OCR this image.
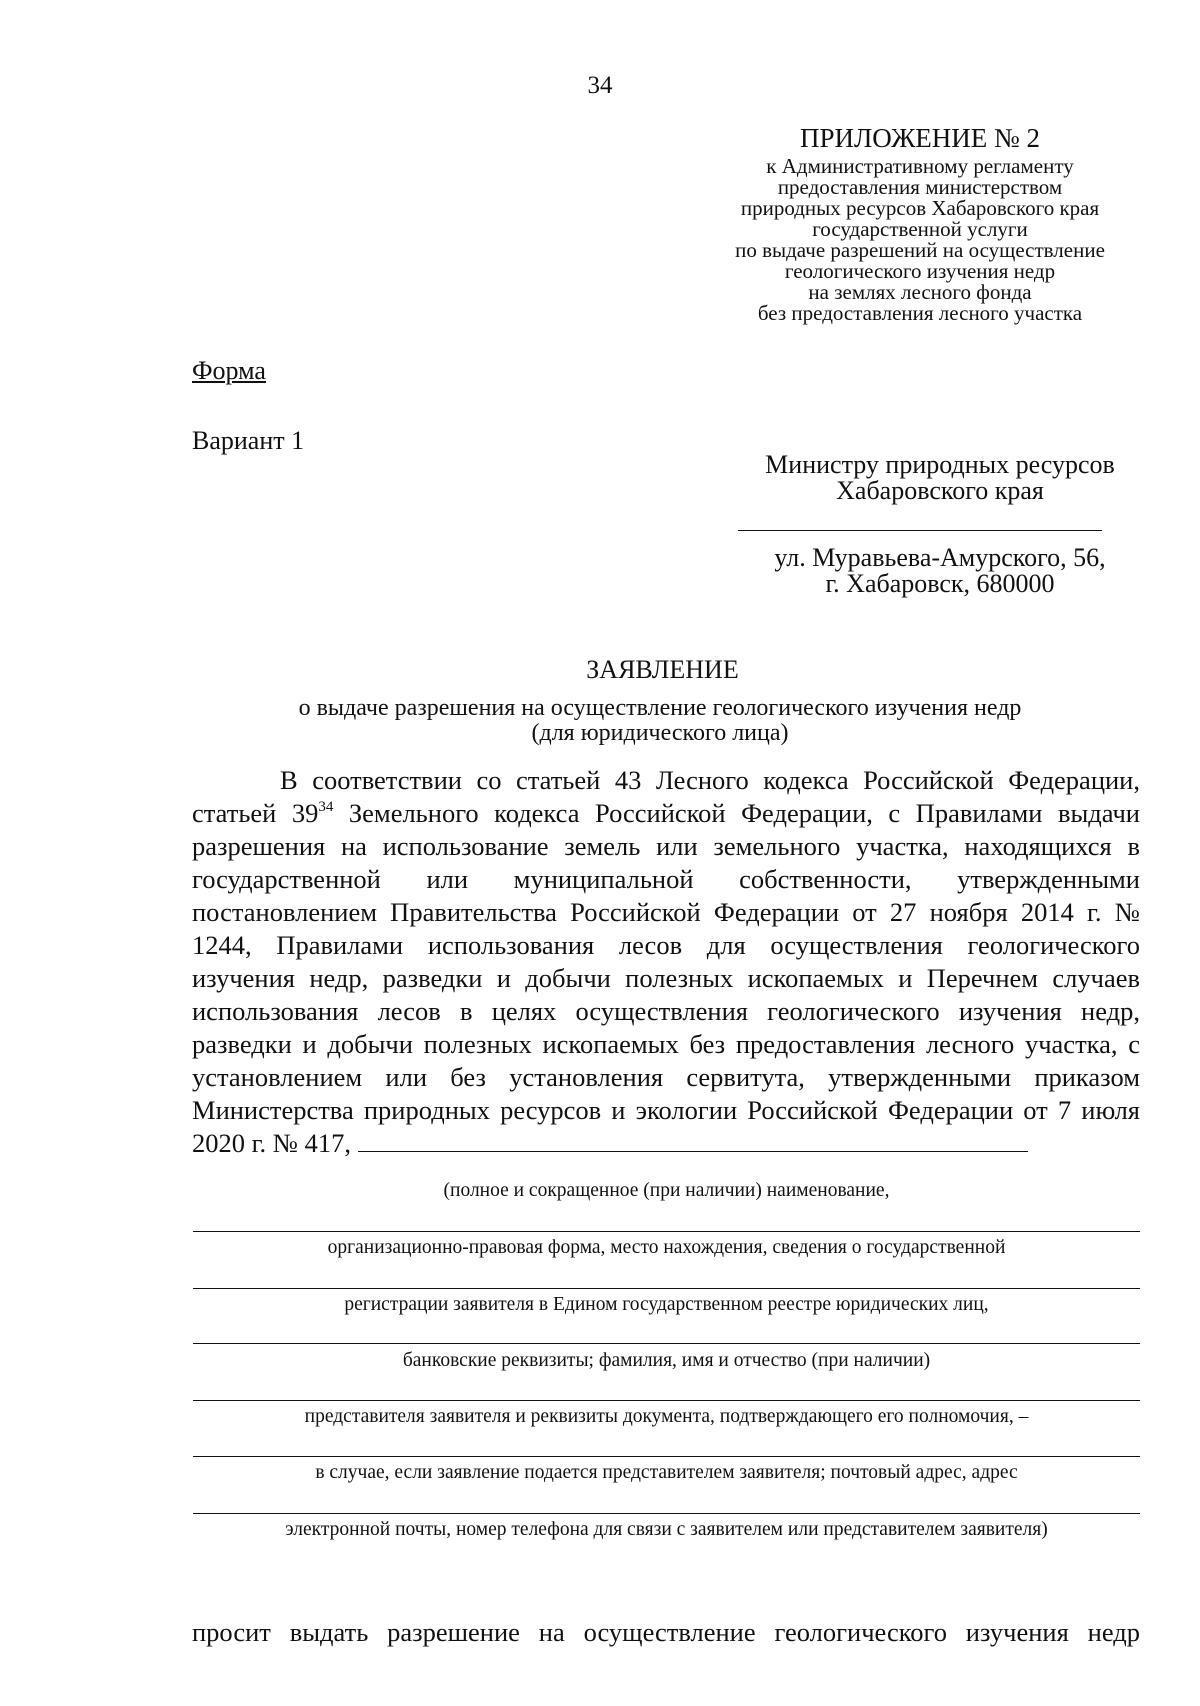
34
ПРИЛОЖЕНИЕ № 2
к Административному регламенту
предоставления министерством
природных ресурсов Хабаровского края
государственной услуги
по выдаче разрешений на осуществление
геологического изучения недр
на землях лесного фонда
без предоставления лесного участка
Форма
Вариант 1
Министру природных ресурсов
Хабаровского края
ул. Муравьева-Амурского, 56,
г. Хабаровск, 680000
ЗАЯВЛЕНИЕ
о выдаче разрешения на осуществление геологического изучения недр
(для юридического лица)

В соответствии со статьей 43 Лесного кодекса Российской Федерации, статьей $39^{34}$ Земельного кодекса Российской Федерации, с Правилами выдачи разрешения на использование земель или земельного участка, находящихся в государственной или муниципальной собственности, утвержденными постановлением Правительства Российской Федерации от 27 ноября 2014 г. № 1244, Правилами использования лесов для осуществления геологического изучения недр, разведки и добычи полезных ископаемых и Перечнем случаев использования лесов в целях осуществления геологического изучения недр, разведки и добычи полезных ископаемых без предоставления лесного участка, с установлением или без установления сервитута, утвержденными приказом Министерства природных ресурсов и экологии Российской Федерации от 7 июля 2020 г. № 417,

(полное и сокращенное (при наличии) наименование,
организационно-правовая форма, место нахождения, сведения о государственной
регистрации заявителя в Едином государственном реестре юридических лиц,
банковские реквизиты; фамилия, имя и отчество (при наличии)
представителя заявителя и реквизиты документа, подтверждающего его полномочия, –
в случае, если заявление подается представителем заявителя; почтовый адрес, адрес
электронной почты, номер телефона для связи с заявителем или представителем заявителя)
просит выдать разрешение на осуществление геологического изучения недр
